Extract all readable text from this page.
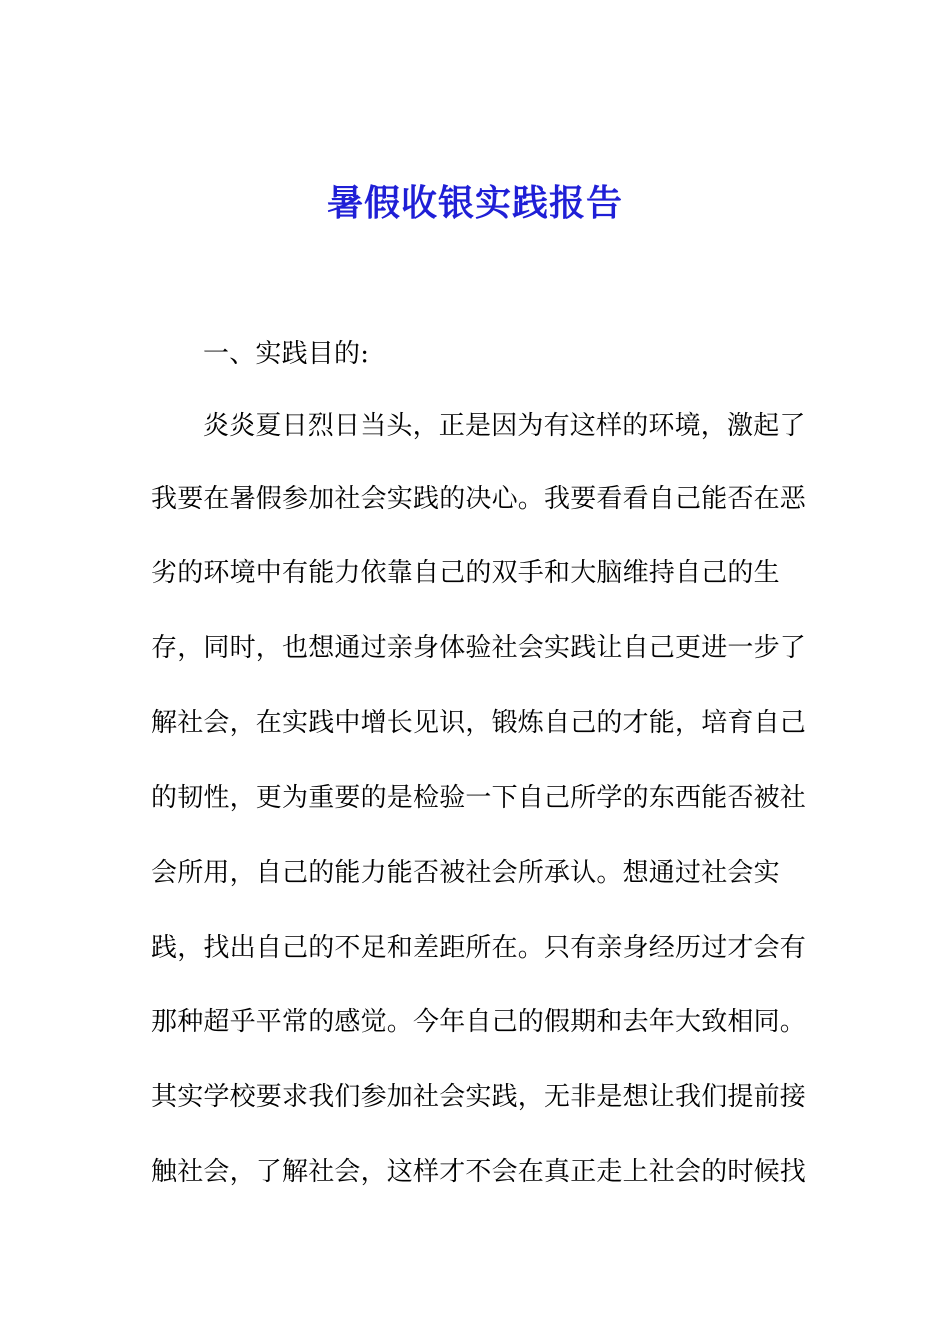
暑假收银实践报告
一、实践目的:
炎炎夏日烈日当头，正是因为有这样的环境，激起了
我要在暑假参加社会实践的决心。我要看看自己能否在恶
劣的环境中有能力依靠自己的双手和大脑维持自己的生
存，同时，也想通过亲身体验社会实践让自己更进一步了
解社会，在实践中增长见识，锻炼自己的才能，培育自己
的韧性，更为重要的是检验一下自己所学的东西能否被社
会所用，自己的能力能否被社会所承认。想通过社会实
践，找出自己的不足和差距所在。只有亲身经历过才会有
那种超乎平常的感觉。今年自己的假期和去年大致相同。
其实学校要求我们参加社会实践，无非是想让我们提前接
触社会，了解社会，这样才不会在真正走上社会的时候找
